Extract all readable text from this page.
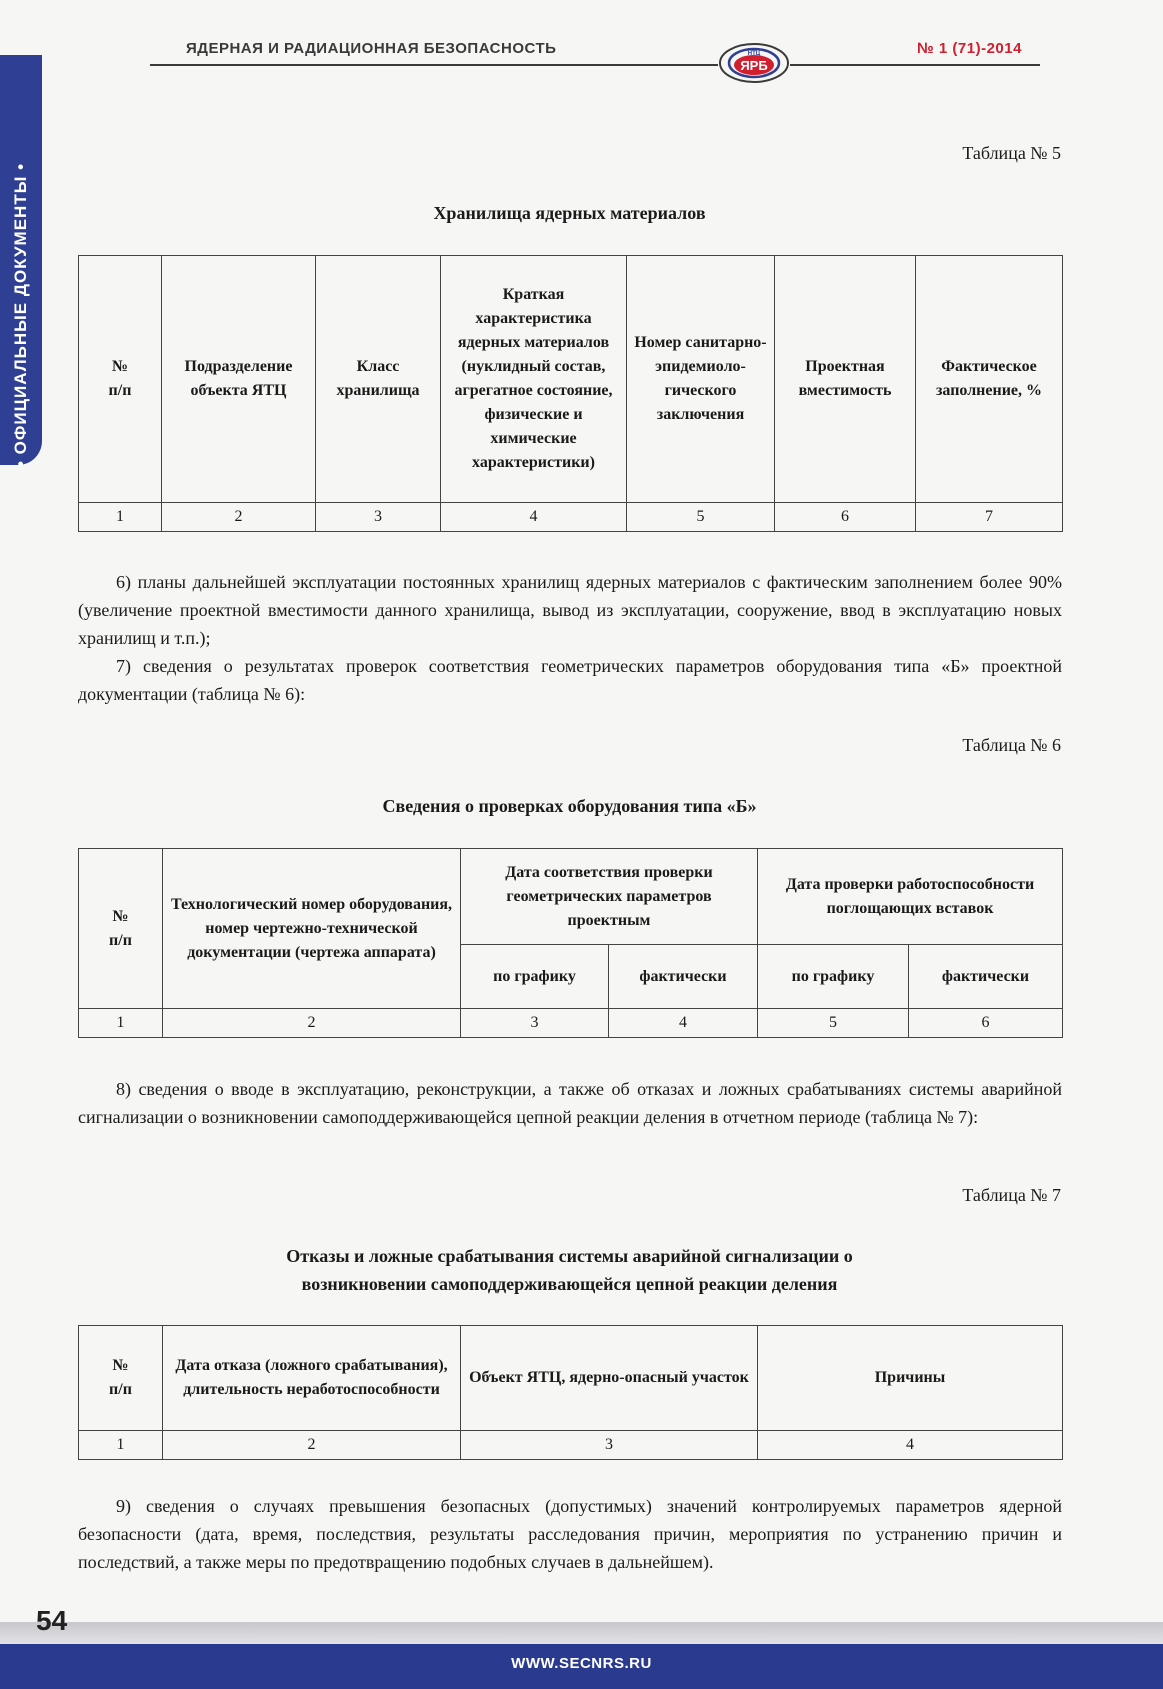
• ОФИЦИАЛЬНЫЕ ДОКУМЕНТЫ •
ЯДЕРНАЯ И РАДИАЦИОННАЯ БЕЗОПАСНОСТЬ	НТЦ
ЯРБ
№ 1 (71)-2014
Таблица № 5
Хранилища ядерных материалов
№
п/п	Подразделение объекта ЯТЦ	Класс хранилища	Краткая характеристика ядерных материалов (нуклидный состав, агрегатное состояние, физические и химические характеристики)	Номер санитарно-эпидемиоло-гического заключения	Проектная вместимость	Фактическое заполнение, %
1	2	3	4	5	6	7
6) планы дальнейшей эксплуатации постоянных хранилищ ядерных материалов с фактическим заполнением более 90% (увеличение проектной вместимости данного хранилища, вывод из эксплуатации, сооружение, ввод в эксплуатацию новых хранилищ и т.п.);
7) сведения о результатах проверок соответствия геометрических параметров оборудования типа «Б» проектной документации (таблица № 6):
Таблица № 6
Сведения о проверках оборудования типа «Б»
№
п/п	Технологический номер оборудования, номер чертежно-технической документации (чертежа аппарата)	Дата соответствия проверки геометрических параметров проектным		Дата проверки работоспособности поглощающих вставок	
		по графику	фактически	по графику	фактически
1	2	3	4	5	6
8) сведения о вводе в эксплуатацию, реконструкции, а также об отказах и ложных срабатываниях системы аварийной сигнализации о возникновении самоподдерживающейся цепной реакции деления в отчетном периоде (таблица № 7):
Таблица № 7
Отказы и ложные срабатывания системы аварийной сигнализации о
возникновении самоподдерживающейся цепной реакции деления
№
п/п	Дата отказа (ложного срабатывания), длительность неработоспособности	Объект ЯТЦ, ядерно-опасный участок	Причины
1	2	3	4
9) сведения о случаях превышения безопасных (допустимых) значений контролируемых параметров ядерной безопасности (дата, время, последствия, результаты расследования причин, мероприятия по устранению причин и последствий, а также меры по предотвращению подобных случаев в дальнейшем).
54
WWW.SECNRS.RU
